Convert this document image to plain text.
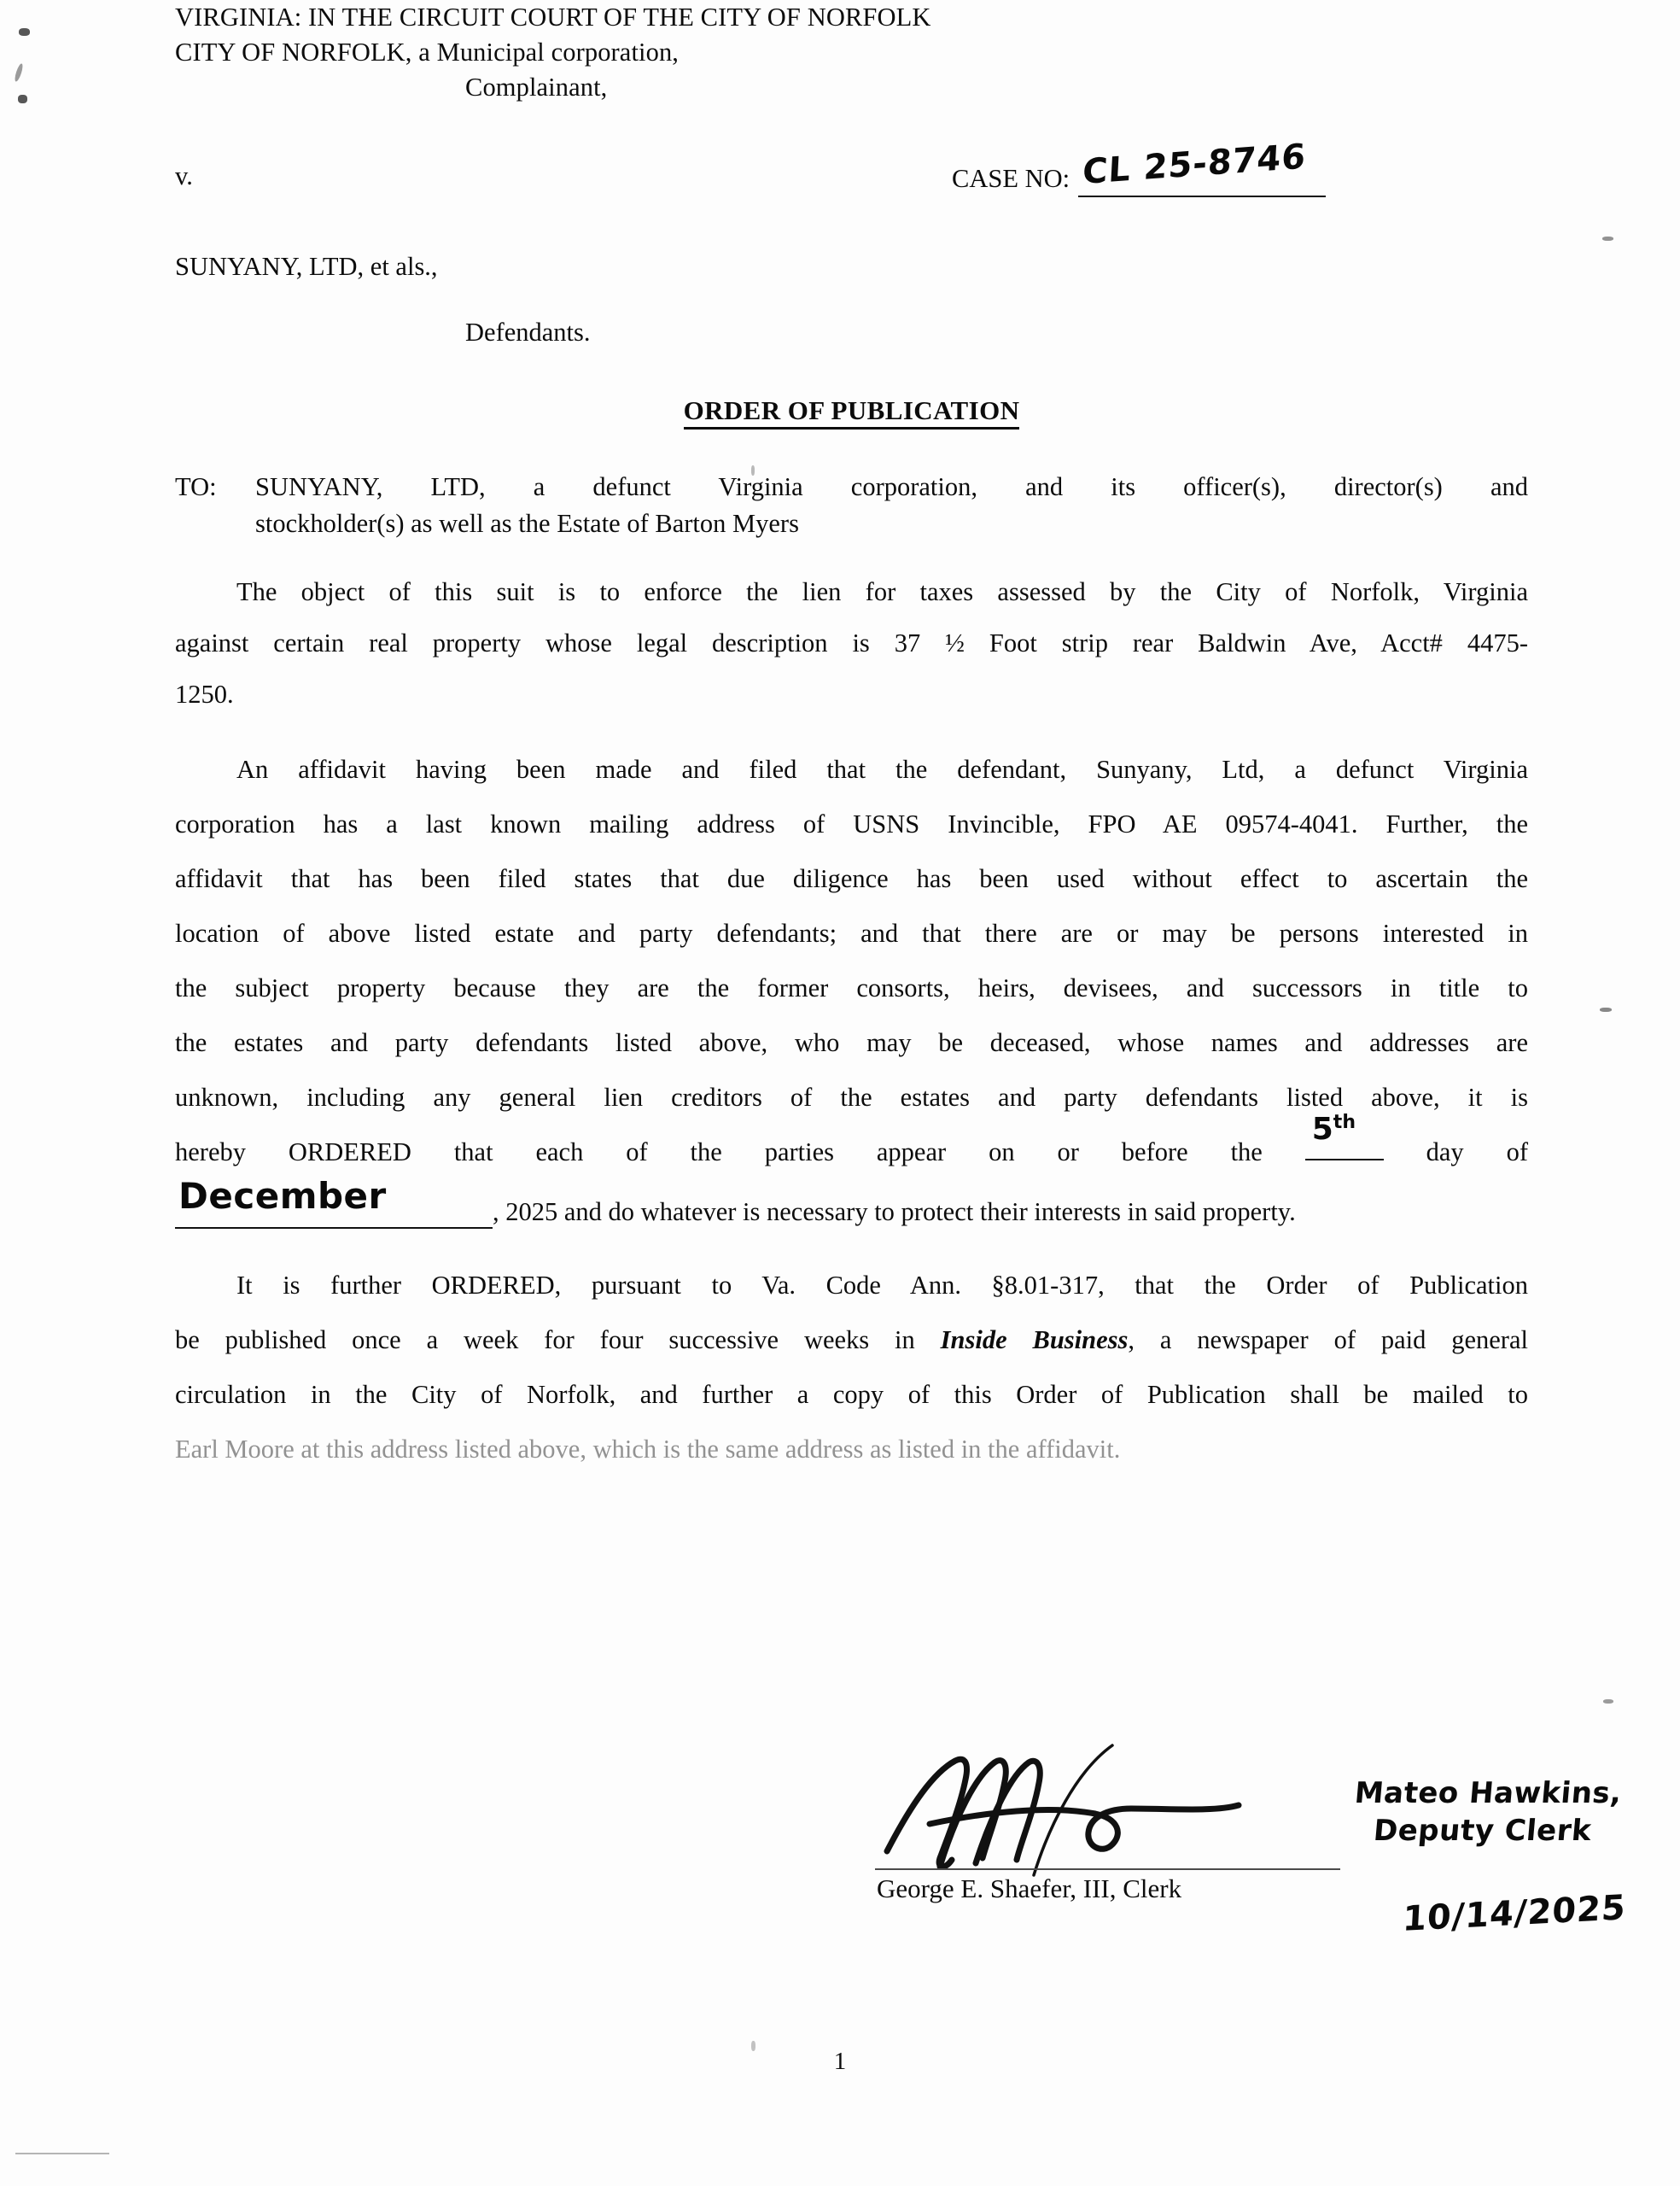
VIRGINIA: IN THE CIRCUIT COURT OF THE CITY OF NORFOLK
CITY OF NORFOLK, a Municipal corporation,
Complainant,
v.	CASE NO: CL 25-8746
SUNYANY, LTD, et als.,
Defendants.
ORDER OF PUBLICATION
TO: SUNYANY, LTD, a defunct Virginia corporation, and its officer(s), director(s) and
stockholder(s) as well as the Estate of Barton Myers
The object of this suit is to enforce the lien for taxes assessed by the City of Norfolk, Virginia
against certain real property whose legal description is 37 ½ Foot strip rear Baldwin Ave, Acct# 4475-
1250.
An affidavit having been made and filed that the defendant, Sunyany, Ltd, a defunct Virginia
corporation has a last known mailing address of USNS Invincible, FPO AE 09574-4041. Further, the
affidavit that has been filed states that due diligence has been used without effect to ascertain the
location of above listed estate and party defendants; and that there are or may be persons interested in
the subject property because they are the former consorts, heirs, devisees, and successors in title to
the estates and party defendants listed above, who may be deceased, whose names and addresses are
unknown, including any general lien creditors of the estates and party defendants listed above, it is
hereby ORDERED that each of the parties appear on or before the
5th
day of
December	, 2025 and do whatever is necessary to protect their interests in said property.
It is further ORDERED, pursuant to Va. Code Ann. §8.01-317, that the Order of Publication
be published once a week for four successive weeks in Inside Business, a newspaper of paid general
circulation in the City of Norfolk, and further a copy of this Order of Publication shall be mailed to
Earl Moore at this address listed above, which is the same address as listed in the affidavit.
George E. Shaefer, III, Clerk
Mateo Hawkins,
Deputy Clerk
10/14/2025
1
